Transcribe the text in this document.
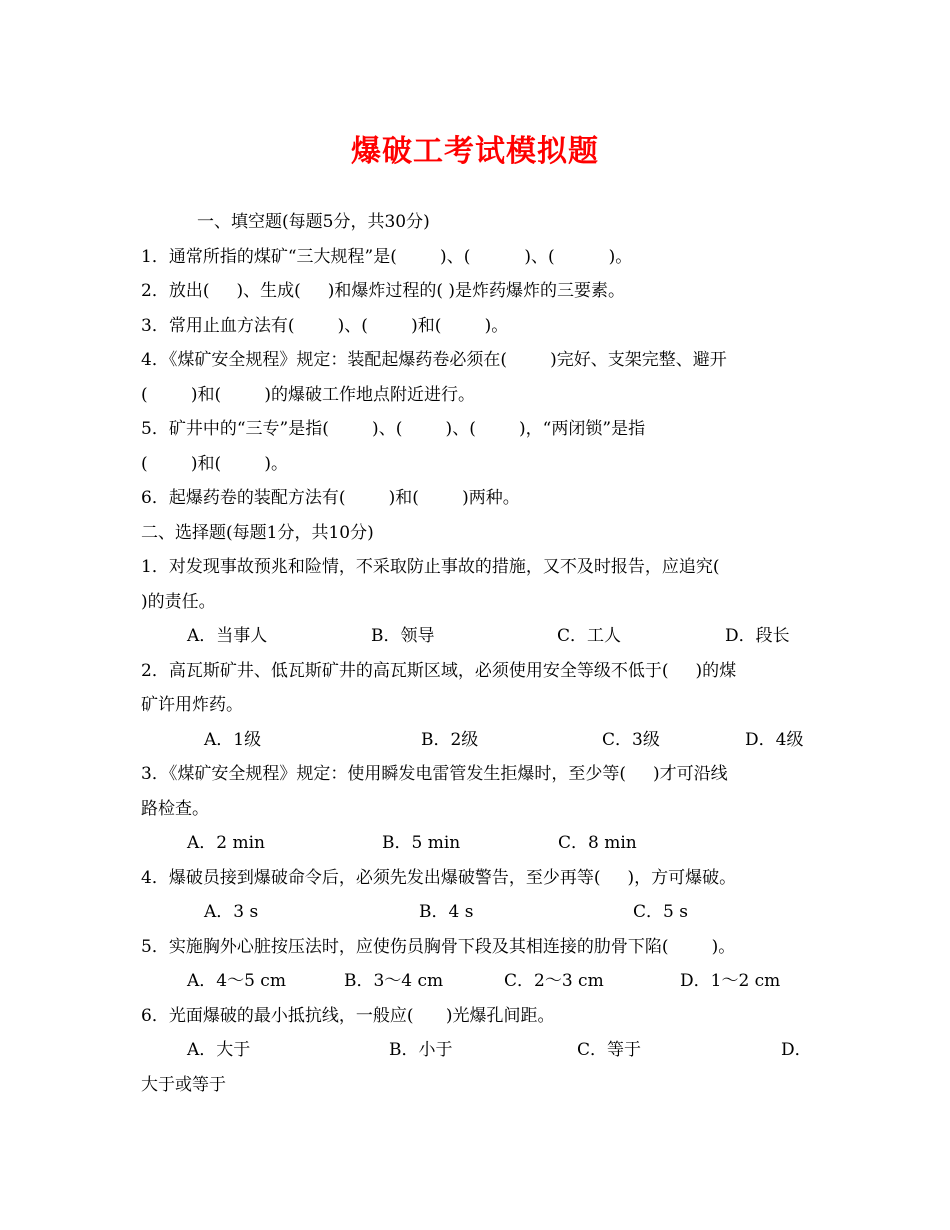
爆破工考试模拟题
一、填空题(每题5分，共30分)
1．通常所指的煤矿“三大规程”是(        )、(          )、(          )。
2．放出(     )、生成(     )和爆炸过程的( )是炸药爆炸的三要素。
3．常用止血方法有(        )、(        )和(        )。
4．《煤矿安全规程》规定：装配起爆药卷必须在(        )完好、支架完整、避开
(        )和(        )的爆破工作地点附近进行。
5．矿井中的“三专”是指(        )、(        )、(        )，“两闭锁”是指
(        )和(        )。
6．起爆药卷的装配方法有(        )和(        )两种。
二、选择题(每题1分，共10分)
1．对发现事故预兆和险情，不采取防止事故的措施，又不及时报告，应追究(
)的责任。
A．当事人	B．领导	C．工人	D．段长
2．高瓦斯矿井、低瓦斯矿井的高瓦斯区域，必须使用安全等级不低于(     )的煤
矿许用炸药。
A．1级	B．2级	C．3级	D．4级
3．《煤矿安全规程》规定：使用瞬发电雷管发生拒爆时，至少等(     )才可沿线
路检查。
A．2 min	B．5 min	C．8 min
4．爆破员接到爆破命令后，必须先发出爆破警告，至少再等(     )，方可爆破。
A．3 s	B．4 s	C．5 s
5．实施胸外心脏按压法时，应使伤员胸骨下段及其相连接的肋骨下陷(        )。
A．4～5 cm	B．3～4 cm	C．2～3 cm	D．1～2 cm
6．光面爆破的最小抵抗线，一般应(      )光爆孔间距。
A．大于	B．小于	C．等于	D．
大于或等于
